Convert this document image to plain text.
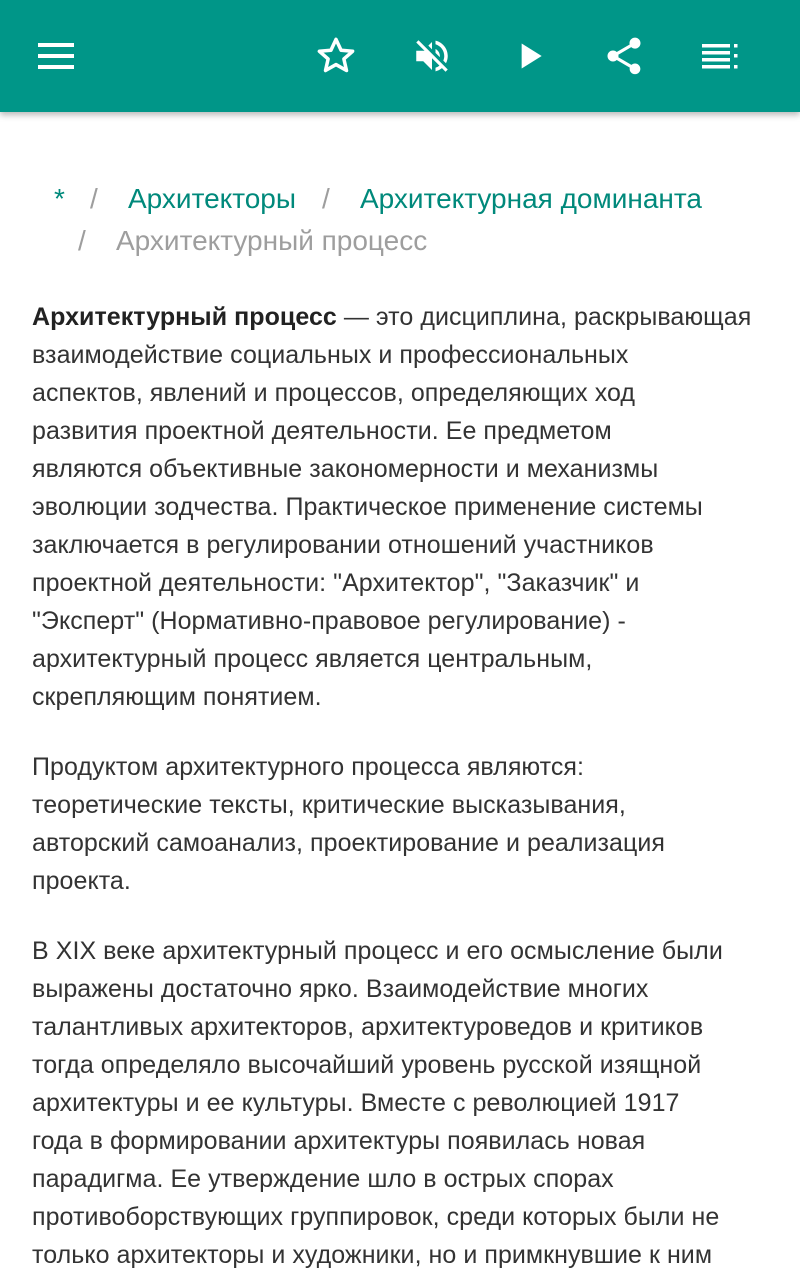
* / Архитекторы / Архитектурная доминанта
/ Архитектурный процесс

Архитектурный процесс — это дисциплина, раскрывающая
взаимодействие социальных и профессиональных
аспектов, явлений и процессов, определяющих ход
развития проектной деятельности. Ее предметом
являются объективные закономерности и механизмы
эволюции зодчества. Практическое применение системы
заключается в регулировании отношений участников
проектной деятельности: "Архитектор", "Заказчик" и
"Эксперт" (Нормативно-правовое регулирование) -
архитектурный процесс является центральным,
скрепляющим понятием.

Продуктом архитектурного процесса являются:
теоретические тексты, критические высказывания,
авторский самоанализ, проектирование и реализация
проекта.

В XIX веке архитектурный процесс и его осмысление были
выражены достаточно ярко. Взаимодействие многих
талантливых архитекторов, архитектуроведов и критиков
тогда определяло высочайший уровень русской изящной
архитектуры и ее культуры. Вместе с революцией 1917
года в формировании архитектуры появилась новая
парадигма. Ее утверждение шло в острых спорах
противоборствующих группировок, среди которых были не
только архитекторы и художники, но и примкнувшие к ним
